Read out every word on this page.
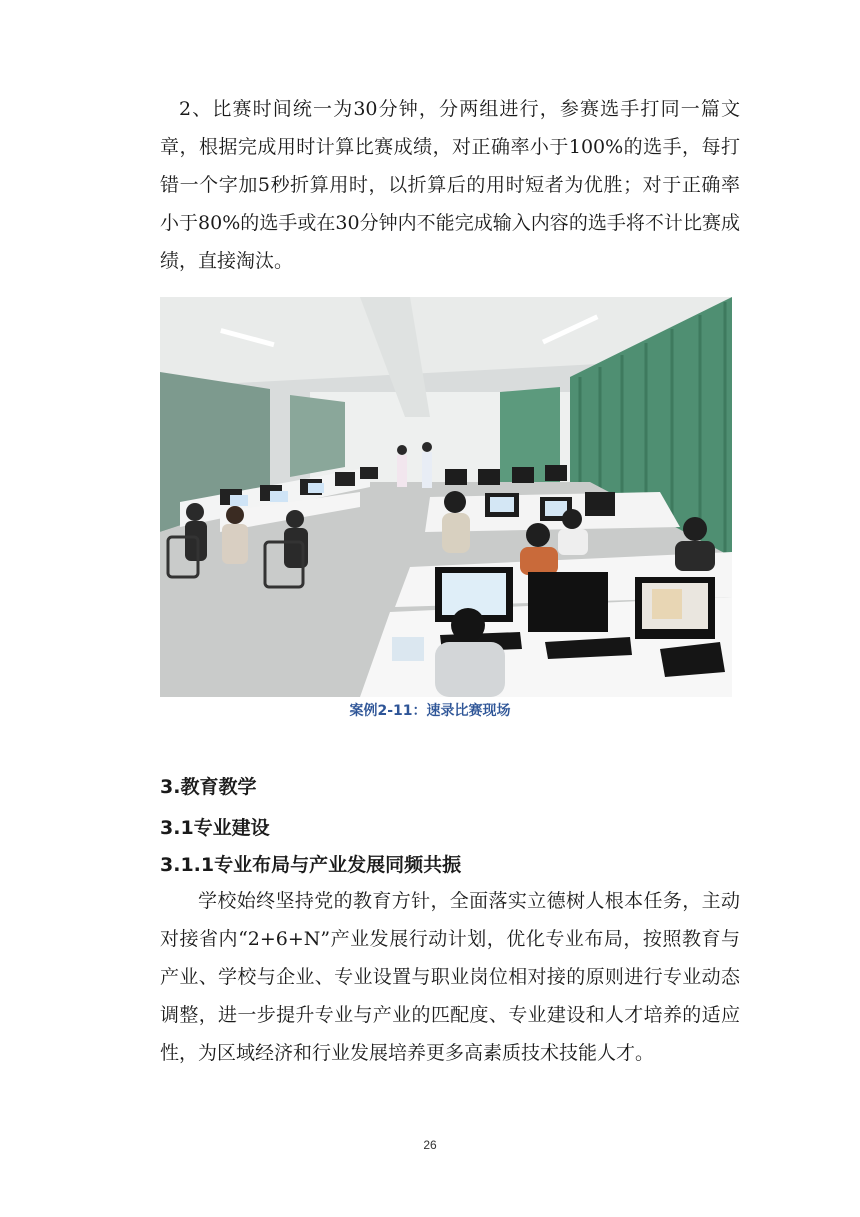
2、比赛时间统一为30分钟，分两组进行，参赛选手打同一篇文章，根据完成用时计算比赛成绩，对正确率小于100%的选手，每打错一个字加5秒折算用时，以折算后的用时短者为优胜；对于正确率小于80%的选手或在30分钟内不能完成输入内容的选手将不计比赛成绩，直接淘汰。

案例2-11：速录比赛现场

3.教育教学
3.1专业建设
3.1.1专业布局与产业发展同频共振

学校始终坚持党的教育方针，全面落实立德树人根本任务，主动对接省内“2+6+N”产业发展行动计划，优化专业布局，按照教育与产业、学校与企业、专业设置与职业岗位相对接的原则进行专业动态调整，进一步提升专业与产业的匹配度、专业建设和人才培养的适应性，为区域经济和行业发展培养更多高素质技术技能人才。

26
